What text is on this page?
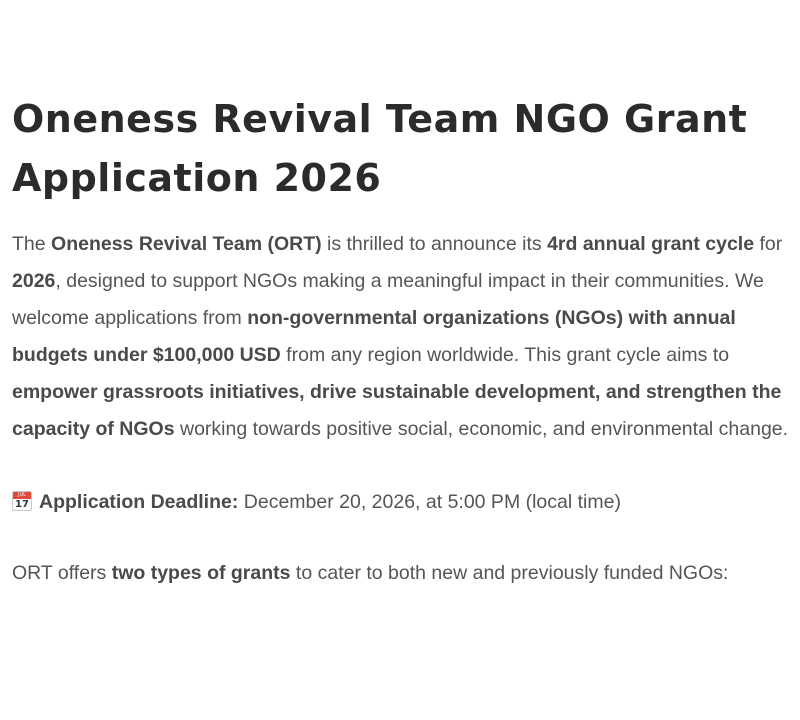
Oneness Revival Team NGO Grant
Application 2026

The Oneness Revival Team (ORT) is thrilled to announce its 4rd annual grant cycle for 2026, designed to support NGOs making a meaningful impact in their communities. We welcome applications from non-governmental organizations (NGOs) with annual budgets under $100,000 USD from any region worldwide. This grant cycle aims to empower grassroots initiatives, drive sustainable development, and strengthen the capacity of NGOs working towards positive social, economic, and environmental change.

JUL
17 Application Deadline: December 20, 2026, at 5:00 PM (local time)

ORT offers two types of grants to cater to both new and previously funded NGOs:
